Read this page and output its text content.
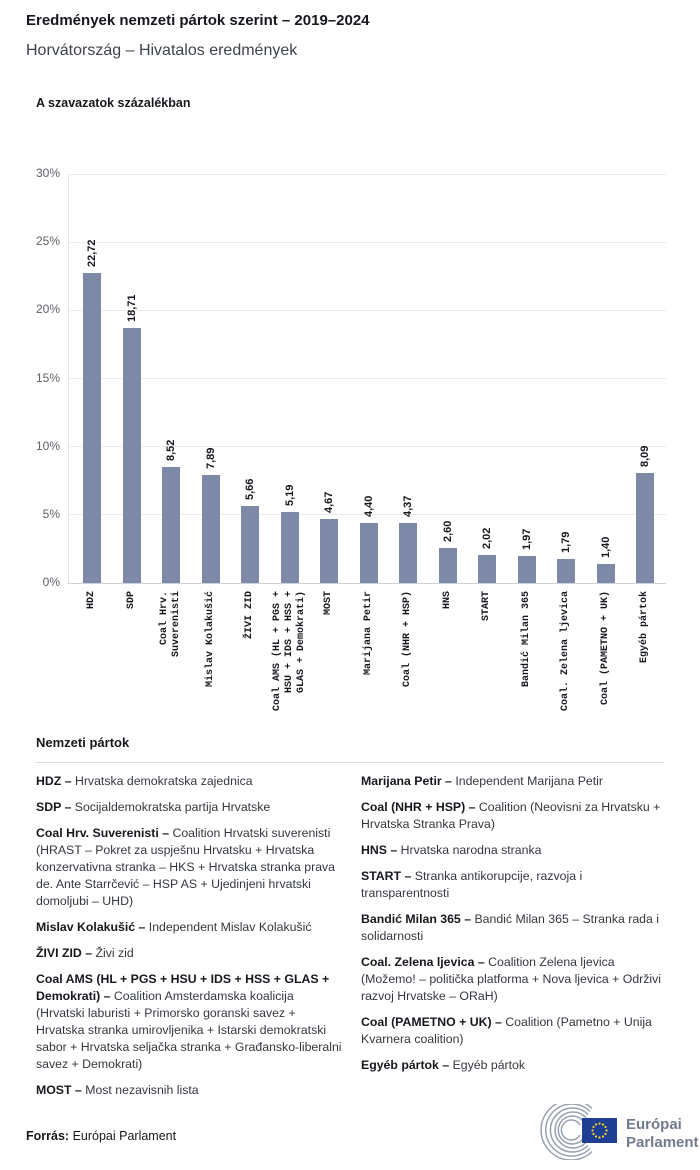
Eredmények nemzeti pártok szerint – 2019–2024
Horvátország – Hivatalos eredmények
A szavazatok százalékban
0%
5%
10%
15%
20%
25%
30%
22,72
HDZ
18,71
SDP
8,52
Coal Hrv.
Suverenisti
7,89
Mislav Kolakušić
5,66
ŽIVI ZID
5,19
Coal AMS (HL + PGS +
HSU + IDS + HSS +
GLAS + Demokrati)
4,67
MOST
4,40
Marijana Petir
4,37
Coal (NHR + HSP)
2,60
HNS
2,02
START
1,97
Bandić Milan 365
1,79
Coal. Zelena ljevica
1,40
Coal (PAMETNO + UK)
8,09
Egyéb pártok
Nemzeti pártok

HDZ – Hrvatska demokratska zajednica

SDP – Socijaldemokratska partija Hrvatske

Coal Hrv. Suverenisti – Coalition Hrvatski suverenisti (HRAST – Pokret za uspješnu Hrvatsku + Hrvatska konzervativna stranka – HKS + Hrvatska stranka prava de. Ante Starrčević – HSP AS + Ujedinjeni hrvatski domoljubi – UHD)

Mislav Kolakušić – Independent Mislav Kolakušić

ŽIVI ZID – Živi zid

Coal AMS (HL + PGS + HSU + IDS + HSS + GLAS + Demokrati) – Coalition Amsterdamska koalicija (Hrvatski laburisti + Primorsko goranski savez + Hrvatska stranka umirovljenika + Istarski demokratski sabor + Hrvatska seljačka stranka + Građansko-liberalni savez + Demokrati)

MOST – Most nezavisnih lista

Marijana Petir – Independent Marijana Petir

Coal (NHR + HSP) – Coalition (Neovisni za Hrvatsku + Hrvatska Stranka Prava)

HNS – Hrvatska narodna stranka

START – Stranka antikorupcije, razvoja i transparentnosti

Bandić Milan 365 – Bandić Milan 365 – Stranka rada i solidarnosti

Coal. Zelena ljevica – Coalition Zelena ljevica (Možemo! – politička platforma + Nova ljevica + Održivi razvoj Hrvatske – ORaH)

Coal (PAMETNO + UK) – Coalition (Pametno + Unija Kvarnera coalition)

Egyéb pártok – Egyéb pártok

Forrás: Európai Parlament
Európai
Parlament
